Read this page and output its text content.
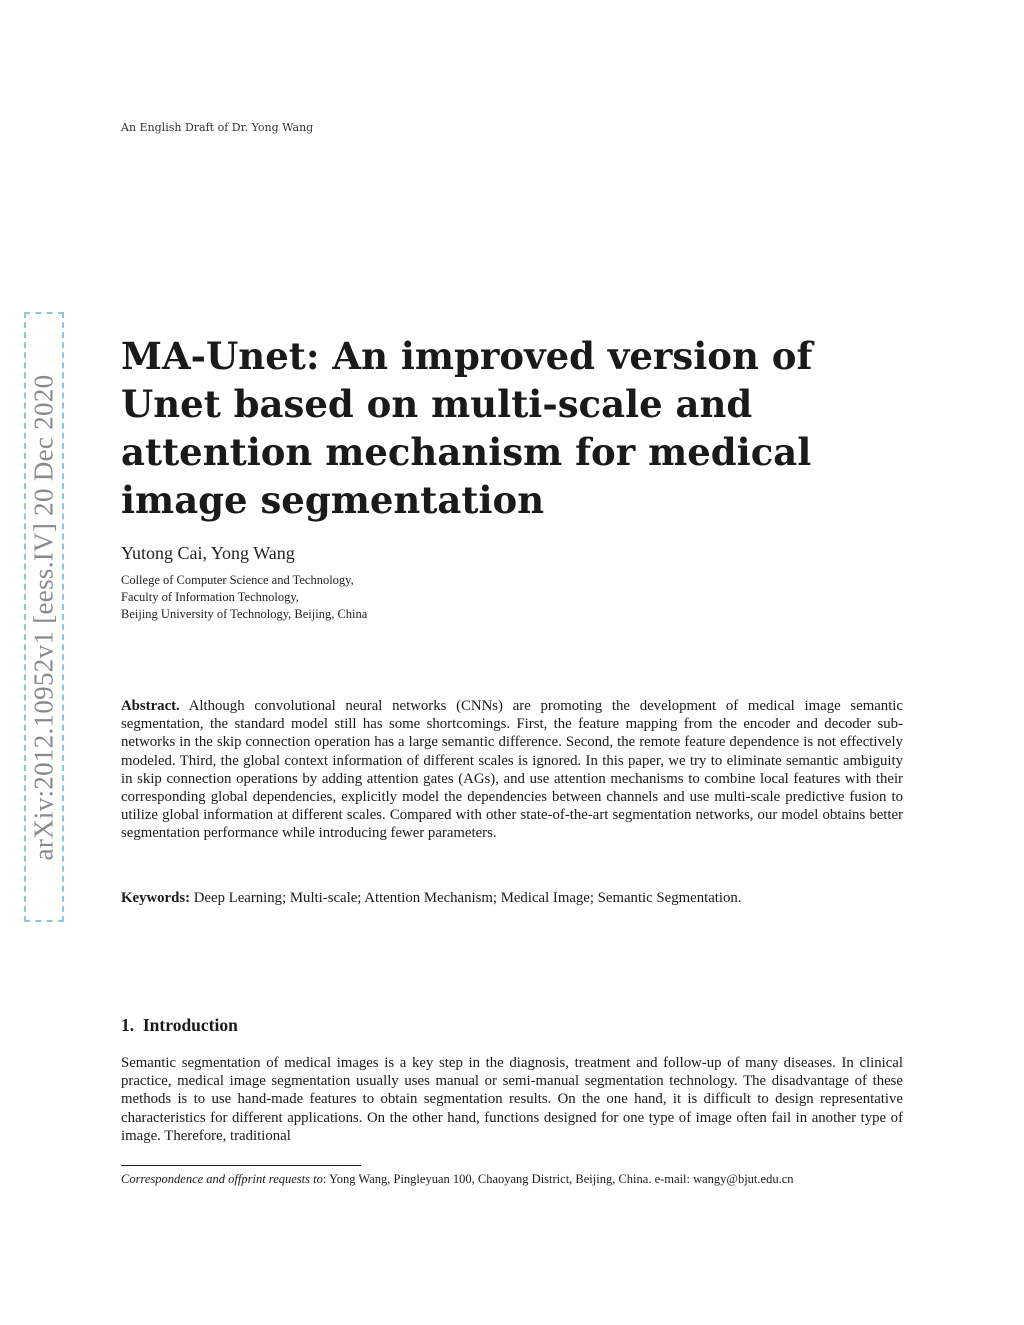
An English Draft of Dr. Yong Wang
arXiv:2012.10952v1 [eess.IV] 20 Dec 2020
MA-Unet: An improved version of Unet based on multi-scale and attention mechanism for medical image segmentation
Yutong Cai, Yong Wang
College of Computer Science and Technology,
Faculty of Information Technology,
Beijing University of Technology, Beijing, China

Abstract. Although convolutional neural networks (CNNs) are promoting the development of medical image semantic segmentation, the standard model still has some shortcomings. First, the feature mapping from the encoder and decoder sub-networks in the skip connection operation has a large semantic difference. Second, the remote feature dependence is not effectively modeled. Third, the global context information of different scales is ignored. In this paper, we try to eliminate semantic ambiguity in skip connection operations by adding attention gates (AGs), and use attention mechanisms to combine local features with their corresponding global dependencies, explicitly model the dependencies between channels and use multi-scale predictive fusion to utilize global information at different scales. Compared with other state-of-the-art segmentation networks, our model obtains better segmentation performance while introducing fewer parameters.

Keywords: Deep Learning; Multi-scale; Attention Mechanism; Medical Image; Semantic Segmentation.

1. Introduction

Semantic segmentation of medical images is a key step in the diagnosis, treatment and follow-up of many diseases. In clinical practice, medical image segmentation usually uses manual or semi-manual segmentation technology. The disadvantage of these methods is to use hand-made features to obtain segmentation results. On the one hand, it is difficult to design representative characteristics for different applications. On the other hand, functions designed for one type of image often fail in another type of image. Therefore, traditional

Correspondence and offprint requests to: Yong Wang, Pingleyuan 100, Chaoyang District, Beijing, China. e-mail: wangy@bjut.edu.cn
